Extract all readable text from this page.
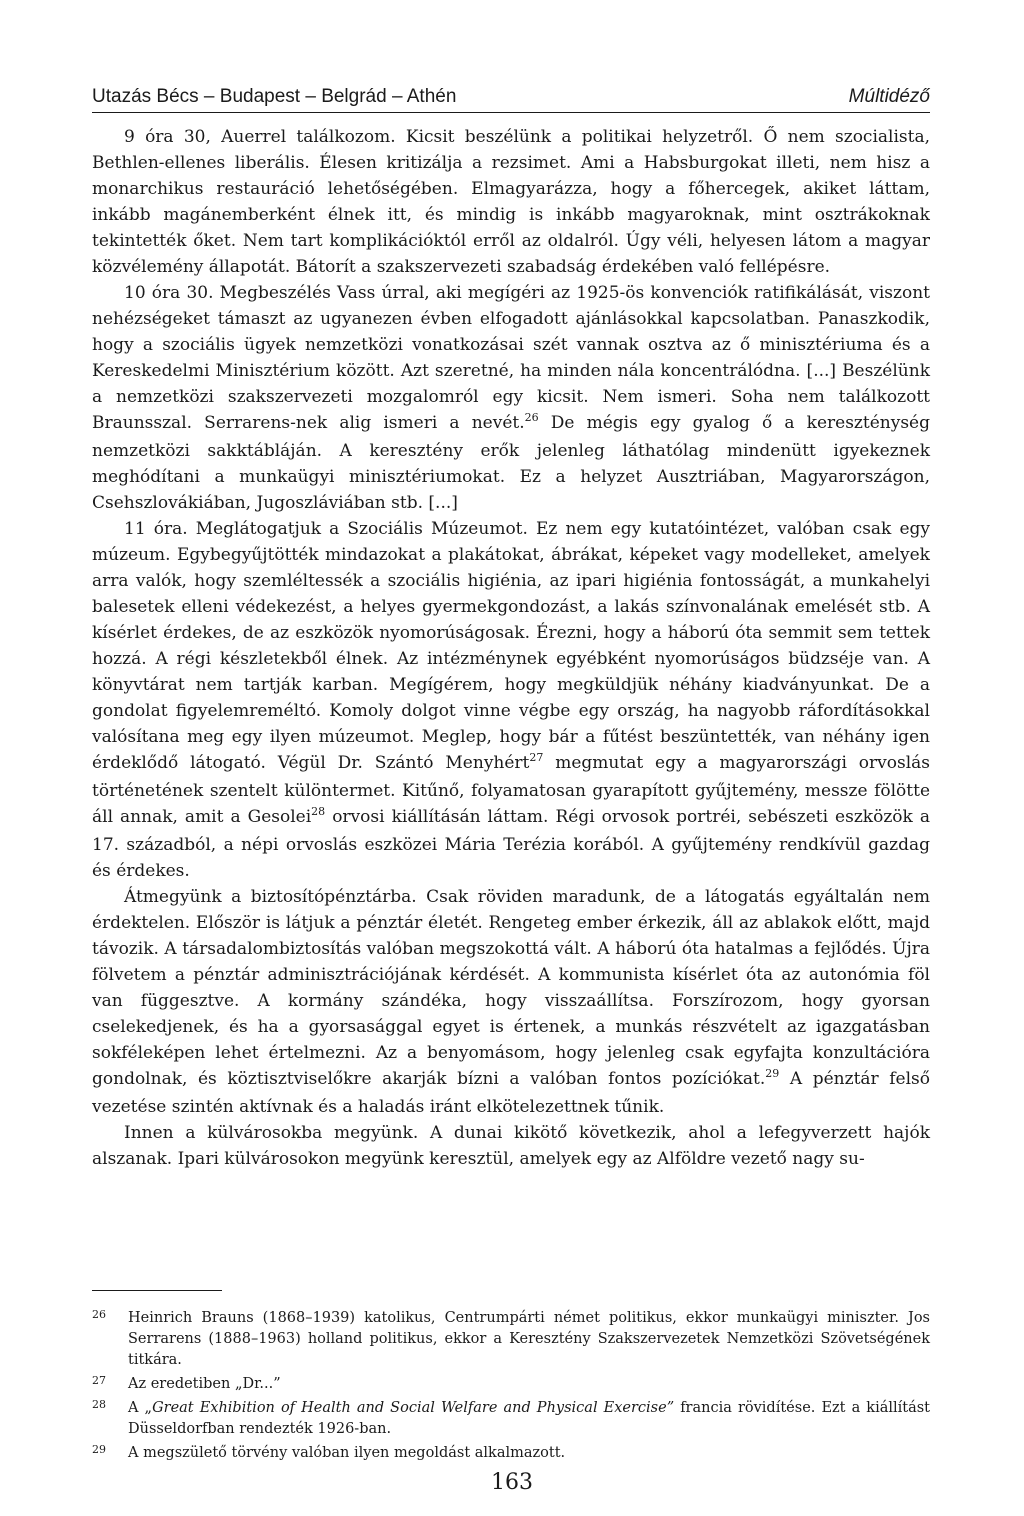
Utazás Bécs – Budapest – Belgrád – Athén	Múltidéző

9 óra 30, Auerrel találkozom. Kicsit beszélünk a politikai helyzetről. Ő nem szocialista, Bethlen-ellenes liberális. Élesen kritizálja a rezsimet. Ami a Habsburgokat illeti, nem hisz a monarchikus restauráció lehetőségében. Elmagyarázza, hogy a főhercegek, akiket láttam, inkább magánemberként élnek itt, és mindig is inkább magyaroknak, mint osztrákoknak tekintették őket. Nem tart komplikációktól erről az oldalról. Úgy véli, helyesen látom a magyar közvélemény állapotát. Bátorít a szakszervezeti szabadság érdekében való fellépésre.

10 óra 30. Megbeszélés Vass úrral, aki megígéri az 1925-ös konvenciók ratifikálását, viszont nehézségeket támaszt az ugyanezen évben elfogadott ajánlásokkal kapcsolatban. Panaszkodik, hogy a szociális ügyek nemzetközi vonatkozásai szét vannak osztva az ő minisztériuma és a Kereskedelmi Minisztérium között. Azt szeretné, ha minden nála koncentrálódna. [...] Beszélünk a nemzetközi szakszervezeti mozgalomról egy kicsit. Nem ismeri. Soha nem találkozott Braunsszal. Serrarens-nek alig ismeri a nevét.$^{26}$ De mégis egy gyalog ő a kereszténység nemzetközi sakktábláján. A keresztény erők jelenleg láthatólag mindenütt igyekeznek meghódítani a munkaügyi minisztériumokat. Ez a helyzet Ausztriában, Magyarországon, Csehszlovákiában, Jugoszláviában stb. [...]

11 óra. Meglátogatjuk a Szociális Múzeumot. Ez nem egy kutatóintézet, valóban csak egy múzeum. Egybegyűjtötték mindazokat a plakátokat, ábrákat, képeket vagy modelleket, amelyek arra valók, hogy szemléltessék a szociális higiénia, az ipari higiénia fontosságát, a munkahelyi balesetek elleni védekezést, a helyes gyermekgondozást, a lakás színvonalának emelését stb. A kísérlet érdekes, de az eszközök nyomorúságosak. Érezni, hogy a háború óta semmit sem tettek hozzá. A régi készletekből élnek. Az intézménynek egyébként nyomorúságos büdzséje van. A könyvtárat nem tartják karban. Megígérem, hogy megküldjük néhány kiadványunkat. De a gondolat figyelemreméltó. Komoly dolgot vinne végbe egy ország, ha nagyobb ráfordításokkal valósítana meg egy ilyen múzeumot. Meglep, hogy bár a fűtést beszüntették, van néhány igen érdeklődő látogató. Végül Dr. Szántó Menyhért$^{27}$ megmutat egy a magyarországi orvoslás történetének szentelt különtermet. Kitűnő, folyamatosan gyarapított gyűjtemény, messze fölötte áll annak, amit a Gesolei$^{28}$ orvosi kiállításán láttam. Régi orvosok portréi, sebészeti eszközök a 17. századból, a népi orvoslás eszközei Mária Terézia korából. A gyűjtemény rendkívül gazdag és érdekes.

Átmegyünk a biztosítópénztárba. Csak röviden maradunk, de a látogatás egyáltalán nem érdektelen. Először is látjuk a pénztár életét. Rengeteg ember érkezik, áll az ablakok előtt, majd távozik. A társadalombiztosítás valóban megszokottá vált. A háború óta hatalmas a fejlődés. Újra fölvetem a pénztár adminisztrációjának kérdését. A kommunista kísérlet óta az autonómia föl van függesztve. A kormány szándéka, hogy visszaállítsa. Forszírozom, hogy gyorsan cselekedjenek, és ha a gyorsasággal egyet is értenek, a munkás részvételt az igazgatásban sokféleképen lehet értelmezni. Az a benyomásom, hogy jelenleg csak egyfajta konzultációra gondolnak, és köztisztviselőkre akarják bízni a valóban fontos pozíciókat.$^{29}$ A pénztár felső vezetése szintén aktívnak és a haladás iránt elkötelezettnek tűnik.

Innen a külvárosokba megyünk. A dunai kikötő következik, ahol a lefegyverzett hajók alszanak. Ipari külvárosokon megyünk keresztül, amelyek egy az Alföldre vezető nagy su-

26 Heinrich Brauns (1868–1939) katolikus, Centrumpárti német politikus, ekkor munkaügyi miniszter. Jos Serrarens (1888–1963) holland politikus, ekkor a Keresztény Szakszervezetek Nemzetközi Szövetségének titkára.
27 Az eredetiben „Dr...”
28 A „Great Exhibition of Health and Social Welfare and Physical Exercise” francia rövidítése. Ezt a kiállítást Düsseldorfban rendezték 1926-ban.
29 A megszülető törvény valóban ilyen megoldást alkalmazott.
163
